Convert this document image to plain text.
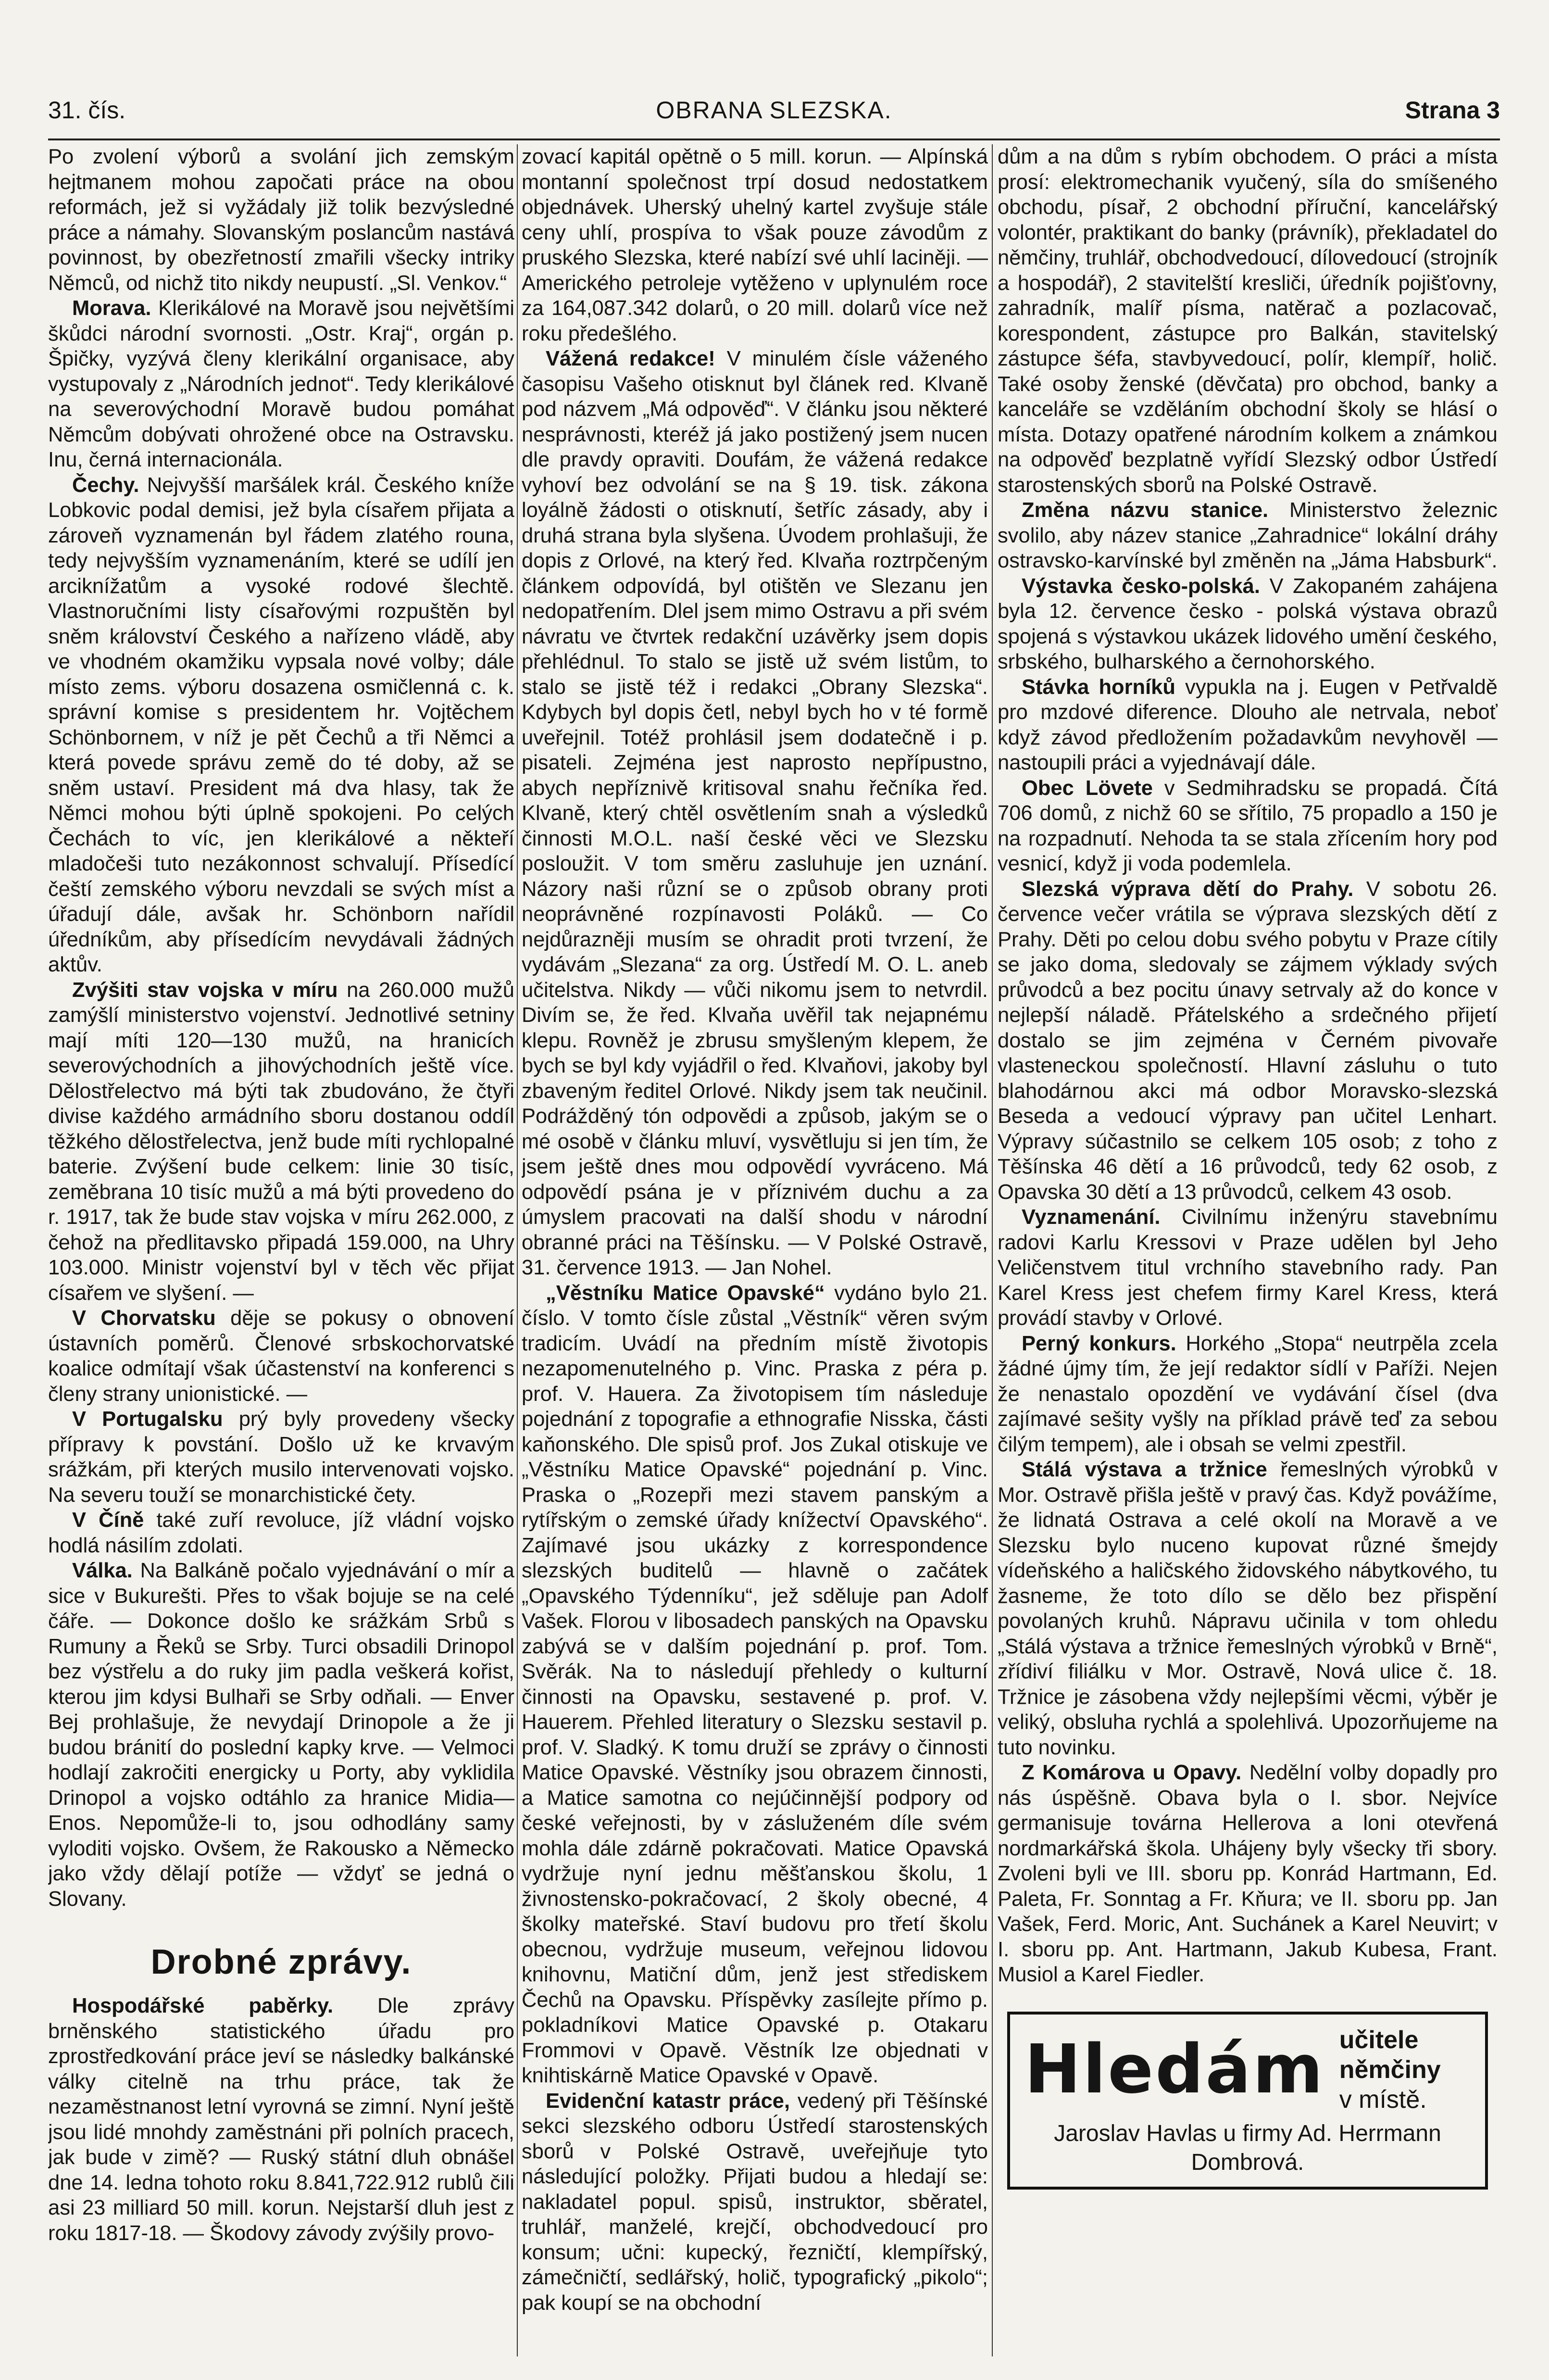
31. čís.	OBRANA SLEZSKA.	Strana 3

Po zvolení výborů a svolání jich zemským hejtmanem mohou započati práce na obou reformách, jež si vyžádaly již tolik bezvýsledné práce a námahy. Slovanským poslancům nastává povinnost, by obezřetností zmařili všecky intriky Němců, od nichž tito nikdy neupustí. „Sl. Venkov.“

Morava. Klerikálové na Moravě jsou největšími škůdci národní svornosti. „Ostr. Kraj“, orgán p. Špičky, vyzývá členy klerikální organisace, aby vystupovaly z „Národních jednot“. Tedy klerikálové na severovýchodní Moravě budou pomáhat Němcům dobývati ohrožené obce na Ostravsku. Inu, černá internacionála.

Čechy. Nejvyšší maršálek král. Českého kníže Lobkovic podal demisi, jež byla císařem přijata a zároveň vyznamenán byl řádem zlatého rouna, tedy nejvyšším vyznamenáním, které se udílí jen arciknížatům a vysoké rodové šlechtě. Vlastnoručními listy císařovými rozpuštěn byl sněm království Českého a nařízeno vládě, aby ve vhodném okamžiku vypsala nové volby; dále místo zems. výboru dosazena osmičlenná c. k. správní komise s presidentem hr. Vojtěchem Schönbornem, v níž je pět Čechů a tři Němci a která povede správu země do té doby, až se sněm ustaví. President má dva hlasy, tak že Němci mohou býti úplně spokojeni. Po celých Čechách to víc, jen klerikálové a někteří mladočeši tuto nezákonnost schvalují. Přísedící čeští zemského výboru nevzdali se svých míst a úřadují dále, avšak hr. Schönborn nařídil úředníkům, aby přísedícím nevydávali žádných aktův.

Zvýšiti stav vojska v míru na 260.000 mužů zamýšlí ministerstvo vojenství. Jednotlivé setniny mají míti 120—130 mužů, na hranicích severovýchodních a jihovýchodních ještě více. Dělostřelectvo má býti tak zbudováno, že čtyři divise každého armádního sboru dostanou oddíl těžkého dělostřelectva, jenž bude míti rychlopalné baterie. Zvýšení bude celkem: linie 30 tisíc, zeměbrana 10 tisíc mužů a má býti provedeno do r. 1917, tak že bude stav vojska v míru 262.000, z čehož na předlitavsko připadá 159.000, na Uhry 103.000. Ministr vojenství byl v těch věc přijat císařem ve slyšení. —

V Chorvatsku děje se pokusy o obnovení ústavních poměrů. Členové srbskochorvatské koalice odmítají však účastenství na konferenci s členy strany unionistické. —

V Portugalsku prý byly provedeny všecky přípravy k povstání. Došlo už ke krvavým srážkám, při kterých musilo intervenovati vojsko. Na severu touží se monarchistické čety.

V Číně také zuří revoluce, jíž vládní vojsko hodlá násilím zdolati.

Válka. Na Balkáně počalo vyjednávání o mír a sice v Bukurešti. Přes to však bojuje se na celé čáře. — Dokonce došlo ke srážkám Srbů s Rumuny a Řeků se Srby. Turci obsadili Drinopol bez výstřelu a do ruky jim padla veškerá kořist, kterou jim kdysi Bulhaři se Srby odňali. — Enver Bej prohlašuje, že nevydají Drinopole a že ji budou bránití do poslední kapky krve. — Velmoci hodlají zakročiti energicky u Porty, aby vyklidila Drinopol a vojsko odtáhlo za hranice Midia—Enos. Nepomůže-li to, jsou odhodlány samy vyloditi vojsko. Ovšem, že Rakousko a Německo jako vždy dělají potíže — vždyť se jedná o Slovany.

Drobné zprávy.

Hospodářské paběrky. Dle zprávy brněnského statistického úřadu pro zprostředkování práce jeví se následky balkánské války citelně na trhu práce, tak že nezaměstnanost letní vyrovná se zimní. Nyní ještě jsou lidé mnohdy zaměstnáni při polních pracech, jak bude v zimě? — Ruský státní dluh obnášel dne 14. ledna tohoto roku 8.841,722.912 rublů čili asi 23 milliard 50 mill. korun. Nejstarší dluh jest z roku 1817-18. — Škodovy závody zvýšily provo-

zovací kapitál opětně o 5 mill. korun. — Alpínská montanní společnost trpí dosud nedostatkem objednávek. Uherský uhelný kartel zvyšuje stále ceny uhlí, prospíva to však pouze závodům z pruského Slezska, které nabízí své uhlí laciněji. — Amerického petroleje vytěženo v uplynulém roce za 164,087.342 dolarů, o 20 mill. dolarů více než roku předešlého.

Vážená redakce! V minulém čísle váženého časopisu Vašeho otisknut byl článek red. Klvaně pod názvem „Má odpověď“. V článku jsou některé nesprávnosti, kteréž já jako postižený jsem nucen dle pravdy opraviti. Doufám, že vážená redakce vyhoví bez odvolání se na § 19. tisk. zákona loyálně žádosti o otisknutí, šetříc zásady, aby i druhá strana byla slyšena. Úvodem prohlašuji, že dopis z Orlové, na který řed. Klvaňa roztrpčeným článkem odpovídá, byl otištěn ve Slezanu jen nedopatřením. Dlel jsem mimo Ostravu a při svém návratu ve čtvrtek redakční uzávěrky jsem dopis přehlédnul. To stalo se jistě už svém listům, to stalo se jistě též i redakci „Obrany Slezska“. Kdybych byl dopis četl, nebyl bych ho v té formě uveřejnil. Totéž prohlásil jsem dodatečně i p. pisateli. Zejména jest naprosto nepřípustno, abych nepříznivě kritisoval snahu řečníka řed. Klvaně, který chtěl osvětlením snah a výsledků činnosti M.O.L. naší české věci ve Slezsku posloužit. V tom směru zasluhuje jen uznání. Názory naši různí se o způsob obrany proti neoprávněné rozpínavosti Poláků. — Co nejdůrazněji musím se ohradit proti tvrzení, že vydávám „Slezana“ za org. Ústředí M. O. L. aneb učitelstva. Nikdy — vůči nikomu jsem to netvrdil. Divím se, že řed. Klvaňa uvěřil tak nejapnému klepu. Rovněž je zbrusu smyšleným klepem, že bych se byl kdy vyjádřil o řed. Klvaňovi, jakoby byl zbaveným ředitel Orlové. Nikdy jsem tak neučinil. Podrážděný tón odpovědi a způsob, jakým se o mé osobě v článku mluví, vysvětluju si jen tím, že jsem ještě dnes mou odpovědí vyvráceno. Má odpovědí psána je v příznivém duchu a za úmyslem pracovati na další shodu v národní obranné práci na Těšínsku. — V Polské Ostravě, 31. července 1913. — Jan Nohel.

„Věstníku Matice Opavské“ vydáno bylo 21. číslo. V tomto čísle zůstal „Věstník“ věren svým tradicím. Uvádí na předním místě životopis nezapomenutelného p. Vinc. Praska z péra p. prof. V. Hauera. Za životopisem tím následuje pojednání z topografie a ethnografie Nisska, části kaňonského. Dle spisů prof. Jos Zukal otiskuje ve „Věstníku Matice Opavské“ pojednání p. Vinc. Praska o „Rozepři mezi stavem panským a rytířským o zemské úřady knížectví Opavského“. Zajímavé jsou ukázky z korrespondence slezských buditelů — hlavně o začátek „Opavského Týdenníku“, jež sděluje pan Adolf Vašek. Florou v libosadech panských na Opavsku zabývá se v dalším pojednání p. prof. Tom. Svěrák. Na to následují přehledy o kulturní činnosti na Opavsku, sestavené p. prof. V. Hauerem. Přehled literatury o Slezsku sestavil p. prof. V. Sladký. K tomu druží se zprávy o činnosti Matice Opavské. Věstníky jsou obrazem činnosti, a Matice samotna co nejúčinnější podpory od české veřejnosti, by v zásluženém díle svém mohla dále zdárně pokračovati. Matice Opavská vydržuje nyní jednu měšťanskou školu, 1 živnostensko-pokračovací, 2 školy obecné, 4 školky mateřské. Staví budovu pro třetí školu obecnou, vydržuje museum, veřejnou lidovou knihovnu, Matiční dům, jenž jest střediskem Čechů na Opavsku. Příspěvky zasílejte přímo p. pokladníkovi Matice Opavské p. Otakaru Frommovi v Opavě. Věstník lze objednati v knihtiskárně Matice Opavské v Opavě.

Evidenční katastr práce, vedený při Těšínské sekci slezského odboru Ústředí starostenských sborů v Polské Ostravě, uveřejňuje tyto následující položky. Přijati budou a hledají se: nakladatel popul. spisů, instruktor, sběratel, truhlář, manželé, krejčí, obchodvedoucí pro konsum; učni: kupecký, řezničtí, klempířský, zámečničtí, sedlářský, holič, typografický „pikolo“; pak koupí se na obchodní

dům a na dům s rybím obchodem. O práci a místa prosí: elektromechanik vyučený, síla do smíšeného obchodu, písař, 2 obchodní příruční, kancelářský volontér, praktikant do banky (právník), překladatel do němčiny, truhlář, obchodvedoucí, dílovedoucí (strojník a hospodář), 2 stavitelští kresliči, úředník pojišťovny, zahradník, malíř písma, natěrač a pozlacovač, korespondent, zástupce pro Balkán, stavitelský zástupce šéfa, stavbyvedoucí, polír, klempíř, holič. Také osoby ženské (děvčata) pro obchod, banky a kanceláře se vzděláním obchodní školy se hlásí o místa. Dotazy opatřené národním kolkem a známkou na odpověď bezplatně vyřídí Slezský odbor Ústředí starostenských sborů na Polské Ostravě.

Změna názvu stanice. Ministerstvo železnic svolilo, aby název stanice „Zahradnice“ lokální dráhy ostravsko-karvínské byl změněn na „Jáma Habsburk“.

Výstavka česko-polská. V Zakopaném zahájena byla 12. července česko - polská výstava obrazů spojená s výstavkou ukázek lidového umění českého, srbského, bulharského a černohorského.

Stávka horníků vypukla na j. Eugen v Petřvaldě pro mzdové diference. Dlouho ale netrvala, neboť když závod předložením požadavkům nevyhověl — nastoupili práci a vyjednávají dále.

Obec Lövete v Sedmihradsku se propadá. Čítá 706 domů, z nichž 60 se sřítilo, 75 propadlo a 150 je na rozpadnutí. Nehoda ta se stala zřícením hory pod vesnicí, když ji voda podemlela.

Slezská výprava dětí do Prahy. V sobotu 26. července večer vrátila se výprava slezských dětí z Prahy. Děti po celou dobu svého pobytu v Praze cítily se jako doma, sledovaly se zájmem výklady svých průvodců a bez pocitu únavy setrvaly až do konce v nejlepší náladě. Přátelského a srdečného přijetí dostalo se jim zejména v Černém pivovaře vlasteneckou společností. Hlavní zásluhu o tuto blahodárnou akci má odbor Moravsko-slezská Beseda a vedoucí výpravy pan učitel Lenhart. Výpravy súčastnilo se celkem 105 osob; z toho z Těšínska 46 dětí a 16 průvodců, tedy 62 osob, z Opavska 30 dětí a 13 průvodců, celkem 43 osob.

Vyznamenání. Civilnímu inženýru stavebnímu radovi Karlu Kressovi v Praze udělen byl Jeho Veličenstvem titul vrchního stavebního rady. Pan Karel Kress jest chefem firmy Karel Kress, která provádí stavby v Orlové.

Perný konkurs. Horkého „Stopa“ neutrpěla zcela žádné újmy tím, že její redaktor sídlí v Paříži. Nejen že nenastalo opozdění ve vydávání čísel (dva zajímavé sešity vyšly na příklad právě teď za sebou čilým tempem), ale i obsah se velmi zpestřil.

Stálá výstava a tržnice řemeslných výrobků v Mor. Ostravě přišla ještě v pravý čas. Když povážíme, že lidnatá Ostrava a celé okolí na Moravě a ve Slezsku bylo nuceno kupovat různé šmejdy vídeňského a haličského židovského nábytkového, tu žasneme, že toto dílo se dělo bez přispění povolaných kruhů. Nápravu učinila v tom ohledu „Stálá výstava a tržnice řemeslných výrobků v Brně“, zřídiví filiálku v Mor. Ostravě, Nová ulice č. 18. Tržnice je zásobena vždy nejlepšími věcmi, výběr je veliký, obsluha rychlá a spolehlivá. Upozorňujeme na tuto novinku.

Z Komárova u Opavy. Nedělní volby dopadly pro nás úspěšně. Obava byla o I. sbor. Nejvíce germanisuje továrna Hellerova a loni otevřená nordmarkářská škola. Uhájeny byly všecky tři sbory. Zvoleni byli ve III. sboru pp. Konrád Hartmann, Ed. Paleta, Fr. Sonntag a Fr. Kňura; ve II. sboru pp. Jan Vašek, Ferd. Moric, Ant. Suchánek a Karel Neuvirt; v I. sboru pp. Ant. Hartmann, Jakub Kubesa, Frant. Musiol a Karel Fiedler.

Hledám učitele němčiny
v místě.
Jaroslav Havlas u firmy Ad. Herrmann
Dombrová.
